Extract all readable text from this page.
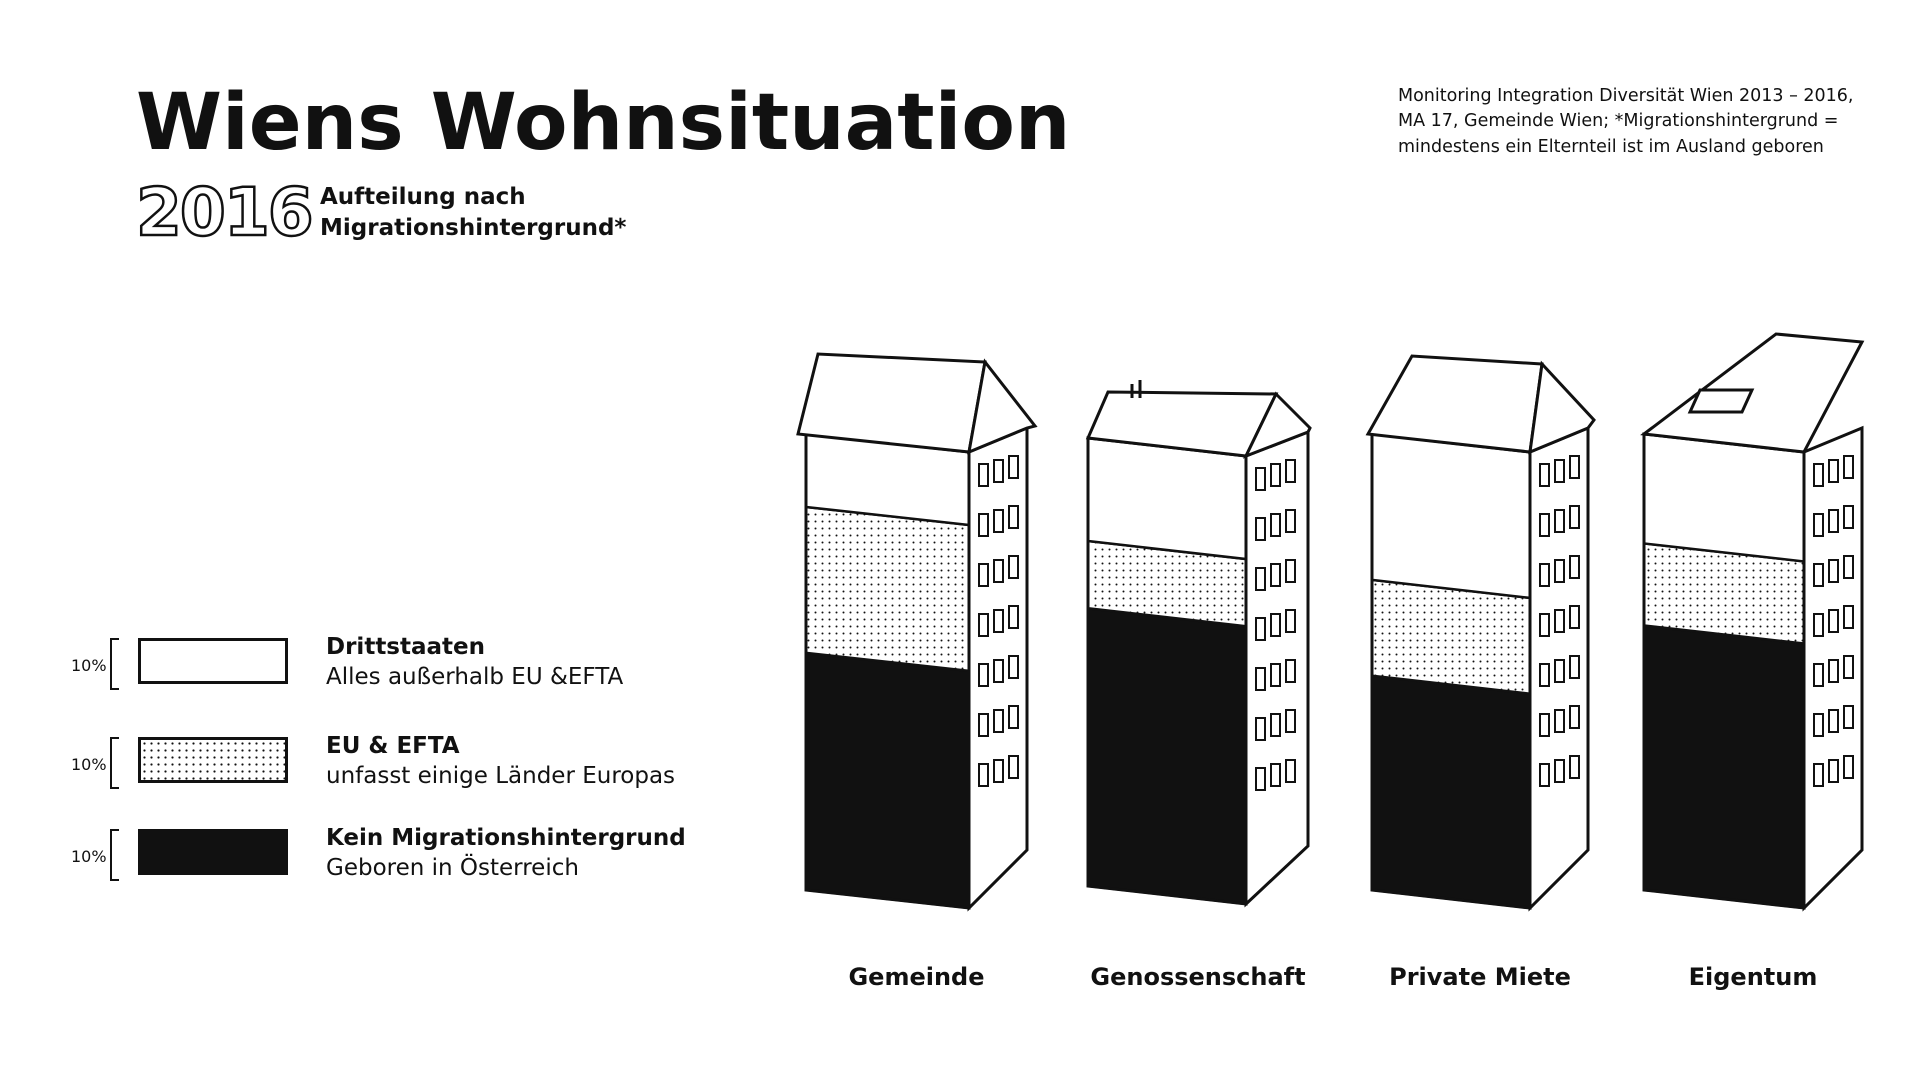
Wiens Wohnsituation
2016 Aufteilung nach
Migrationshintergrund*
Monitoring Integration Diversität Wien 2013 – 2016,
MA 17, Gemeinde Wien; *Migrationshintergrund =
mindestens ein Elternteil ist im Ausland geboren
10%
Drittstaaten
Alles außerhalb EU &EFTA
10%
EU & EFTA
unfasst einige Länder Europas
10%
Kein Migrationshintergrund
Geboren in Österreich
Gemeinde	Genossenschaft	Private Miete	Eigentum
